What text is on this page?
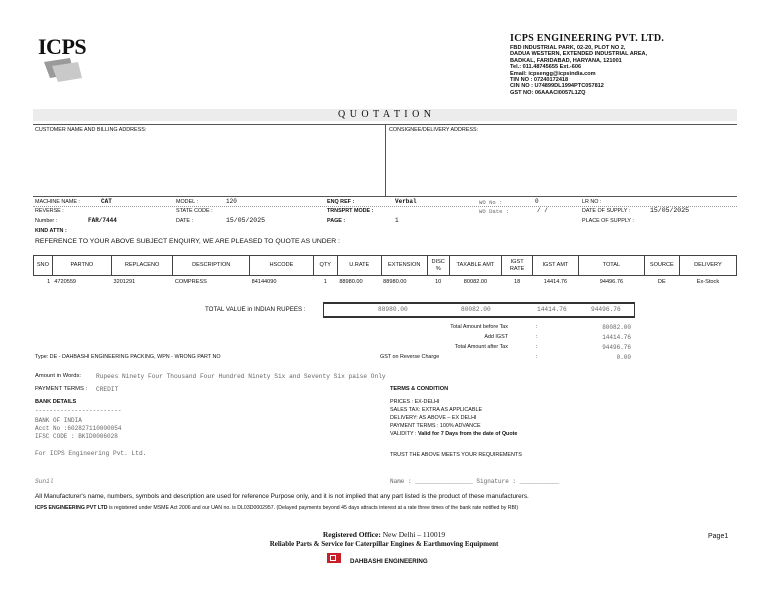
ICPS	ICPS ENGINEERING PVT. LTD.
FBD INDUSTRIAL PARK, 02-20, PLOT NO 2,
DADUA WESTERN, EXTENDED INDUSTRIAL AREA,
BADKAL, FARIDABAD, HARYANA, 121001
Tel.: 011.48745655 Ext.-606
Email: icpsengg@icpsindia.com
TIN NO : 07240172418
CIN NO : U74899DL1994PTC057812
GST NO: 06AAACI0057L1ZQ
Q U O T A T I O N
CUSTOMER NAME AND BILLING ADDRESS:	CONSIGNEE/DELIVERY ADDRESS:
MACHINE NAME :	CAT	MODEL :	120	ENQ REF :	Verbal	WO No :	0	LR NO :
REVERSE :	STATE CODE :	TRNSPRT MODE :	WO Date :	/ /	DATE OF SUPPLY :	15/05/2025
Number :	FAR/7444	DATE :	15/05/2025	PAGE :	1	PLACE OF SUPPLY :
KIND ATTN :
REFERENCE TO YOUR ABOVE SUBJECT ENQUIRY, WE ARE PLEASED TO QUOTE AS UNDER :
SNO	PARTNO	REPLACENO	DESCRIPTION	HSCODE	QTY	U.RATE	EXTENSION	DISC %	TAXABLE AMT	IGST RATE	IGST AMT	TOTAL	SOURCE	DELIVERY
1	4720559	3201291	COMPRESS	84144090	1	88980.00	88980.00	10	80082.00	18	14414.76	94496.76	DE	Ex-Stock
TOTAL VALUE in INDIAN RUPEES :	88980.00	80082.00	14414.76	94496.76
Total Amount before Tax	:	80082.00
Add IGST	:	14414.76
Total Amount after Tax	:	94496.76
Type: DE - DAHBASHI ENGINEERING PACKING, WPN - WRONG PART NO	GST on Reverse Charge	:	0.00
Amount in Words: Rupees Ninety Four Thousand Four Hundred Ninety Six and Seventy Six paise Only
PAYMENT TERMS : CREDIT
BANK DETAILS
------------------------
BANK OF INDIA
Acct No :602827110000054
IFSC CODE : BKID0006028
For ICPS Engineering Pvt. Ltd.
Sunil
TERMS & CONDITION
PRICES : EX-DELHI
SALES TAX: EXTRA AS APPLICABLE
DELIVERY: AS ABOVE – EX DELHI
PAYMENT TERMS : 100% ADVANCE
VALIDITY : Valid for 7 Days from the date of Quote
TRUST THE ABOVE MEETS YOUR REQUIREMENTS
Name : ________________ Signature : ___________
All Manufacturer's name, numbers, symbols and description are used for reference Purpose only, and it is not implied that any part listed is the product of these manufacturers.
ICPS ENGINEERING PVT LTD is registered under MSME Act 2006 and our UAN no. is DL03D0002957. (Delayed payments beyond 45 days attracts interest at a rate three times of the bank rate notified by RBI)
Registered Office: New Delhi – 110019
Reliable Parts & Service for Caterpillar Engines & Earthmoving Equipment
DAHBASHI ENGINEERING
Page1
